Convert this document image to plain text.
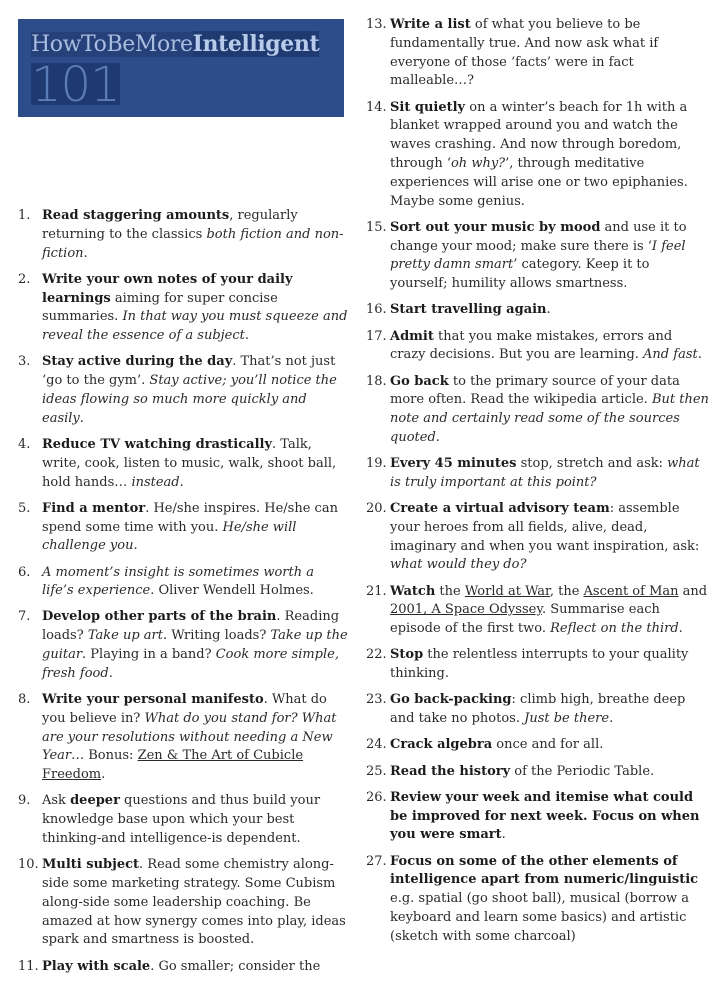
HowToBeMoreIntelligent
101
1. Read staggering amounts, regularly returning to the classics both fiction and non-fiction.
2. Write your own notes of your daily learnings aiming for super concise summaries. In that way you must squeeze and reveal the essence of a subject.
3. Stay active during the day. That’s not just ‘go to the gym’. Stay active; you’ll notice the ideas flowing so much more quickly and easily.
4. Reduce TV watching drastically. Talk, write, cook, listen to music, walk, shoot ball, hold hands… instead.
5. Find a mentor. He/she inspires. He/she can spend some time with you. He/she will challenge you.
6. A moment’s insight is sometimes worth a life’s experience. Oliver Wendell Holmes.
7. Develop other parts of the brain. Reading loads? Take up art. Writing loads? Take up the guitar. Playing in a band? Cook more simple, fresh food.
8. Write your personal manifesto. What do you believe in? What do you stand for? What are your resolutions without needing a New Year… Bonus: Zen & The Art of Cubicle Freedom.
9. Ask deeper questions and thus build your knowledge base upon which your best thinking-and intelligence-is dependent.
10. Multi subject. Read some chemistry along-side some marketing strategy. Some Cubism along-side some leadership coaching. Be amazed at how synergy comes into play, ideas spark and smartness is boosted.
11. Play with scale. Go smaller; consider the
13. Write a list of what you believe to be fundamentally true. And now ask what if everyone of those ‘facts’ were in fact malleable…?
14. Sit quietly on a winter’s beach for 1h with a blanket wrapped around you and watch the waves crashing. And now through boredom, through ‘oh why?’, through meditative experiences will arise one or two epiphanies. Maybe some genius.
15. Sort out your music by mood and use it to change your mood; make sure there is ‘I feel pretty damn smart’ category. Keep it to yourself; humility allows smartness.
16. Start travelling again.
17. Admit that you make mistakes, errors and crazy decisions. But you are learning. And fast.
18. Go back to the primary source of your data more often. Read the wikipedia article. But then note and certainly read some of the sources quoted.
19. Every 45 minutes stop, stretch and ask: what is truly important at this point?
20. Create a virtual advisory team: assemble your heroes from all fields, alive, dead, imaginary and when you want inspiration, ask: what would they do?
21. Watch the World at War, the Ascent of Man and 2001, A Space Odyssey. Summarise each episode of the first two. Reflect on the third.
22. Stop the relentless interrupts to your quality thinking.
23. Go back-packing: climb high, breathe deep and take no photos. Just be there.
24. Crack algebra once and for all.
25. Read the history of the Periodic Table.
26. Review your week and itemise what could be improved for next week. Focus on when you were smart.
27. Focus on some of the other elements of intelligence apart from numeric/linguistic e.g. spatial (go shoot ball), musical (borrow a keyboard and learn some basics) and artistic (sketch with some charcoal)
